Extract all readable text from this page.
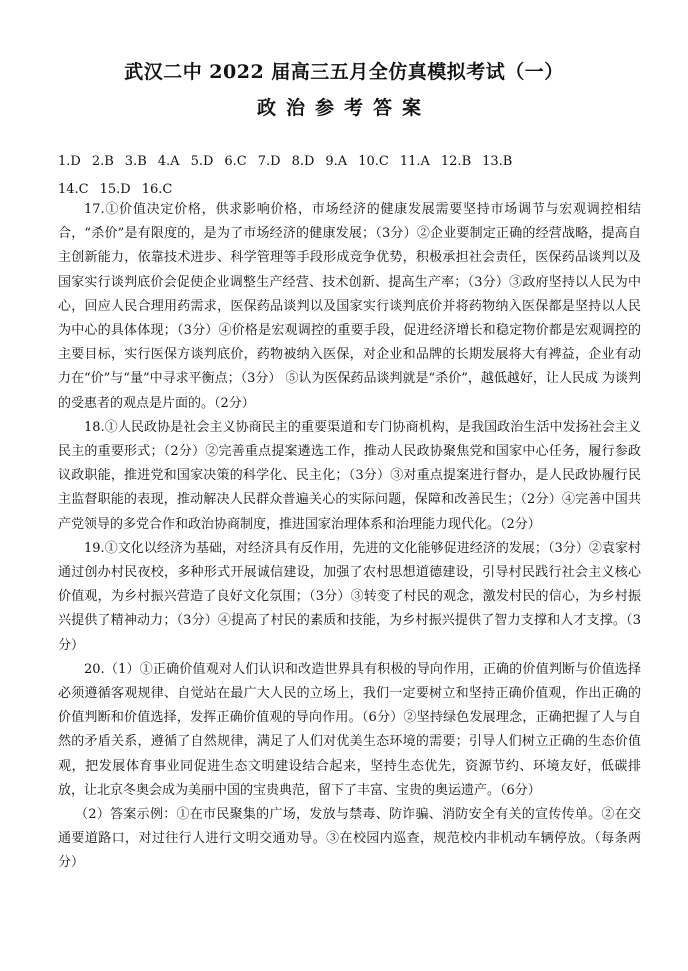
武汉二中 2022 届高三五月全仿真模拟考试（一）
政治参考答案
1.D 2.B 3.B 4.A 5.D 6.C 7.D 8.D 9.A 10.C 11.A 12.B 13.B
14.C 15.D 16.C

17.①价值决定价格，供求影响价格，市场经济的健康发展需要坚持市场调节与宏观调控相结合，“杀价”是有限度的，是为了市场经济的健康发展；（3分）②企业要制定正确的经营战略，提高自主创新能力，依靠技术进步、科学管理等手段形成竞争优势，积极承担社会责任，医保药品谈判以及国家实行谈判底价会促使企业调整生产经营、技术创新、提高生产率；（3分）③政府坚持以人民为中心，回应人民合理用药需求，医保药品谈判以及国家实行谈判底价并将药物纳入医保都是坚持以人民为中心的具体体现；（3分）④价格是宏观调控的重要手段，促进经济增长和稳定物价都是宏观调控的主要目标，实行医保方谈判底价，药物被纳入医保，对企业和品牌的长期发展将大有裨益，企业有动力在“价”与“量”中寻求平衡点；（3分） ⑤认为医保药品谈判就是“杀价”，越低越好，让人民成 为谈判的受惠者的观点是片面的。（2分）

18.①人民政协是社会主义协商民主的重要渠道和专门协商机构，是我国政治生活中发扬社会主义民主的重要形式；（2分）②完善重点提案遴选工作，推动人民政协聚焦党和国家中心任务，履行参政议政职能，推进党和国家决策的科学化、民主化；（3分）③对重点提案进行督办，是人民政协履行民主监督职能的表现，推动解决人民群众普遍关心的实际问题，保障和改善民生；（2分）④完善中国共产党领导的多党合作和政治协商制度，推进国家治理体系和治理能力现代化。（2分）

19.①文化以经济为基础，对经济具有反作用，先进的文化能够促进经济的发展；（3分）②袁家村通过创办村民夜校，多种形式开展诚信建设，加强了农村思想道德建设，引导村民践行社会主义核心价值观，为乡村振兴营造了良好文化氛围；（3分）③转变了村民的观念，激发村民的信心，为乡村振兴提供了精神动力；（3分）④提高了村民的素质和技能，为乡村振兴提供了智力支撑和人才支撑。（3分）

20.（1）①正确价值观对人们认识和改造世界具有积极的导向作用，正确的价值判断与价值选择必须遵循客观规律、自觉站在最广大人民的立场上，我们一定要树立和坚持正确价值观，作出正确的价值判断和价值选择，发挥正确价值观的导向作用。（6分）②坚持绿色发展理念，正确把握了人与自然的矛盾关系，遵循了自然规律，满足了人们对优美生态环境的需要；引导人们树立正确的生态价值观，把发展体育事业同促进生态文明建设结合起来，坚持生态优先，资源节约、环境友好，低碳排放，让北京冬奥会成为美丽中国的宝贵典范，留下了丰富、宝贵的奥运遗产。（6分）

（2）答案示例：①在市民聚集的广场，发放与禁毒、防诈骗、消防安全有关的宣传传单。②在交通要道路口，对过往行人进行文明交通劝导。③在校园内巡查，规范校内非机动车辆停放。（每条两分）
